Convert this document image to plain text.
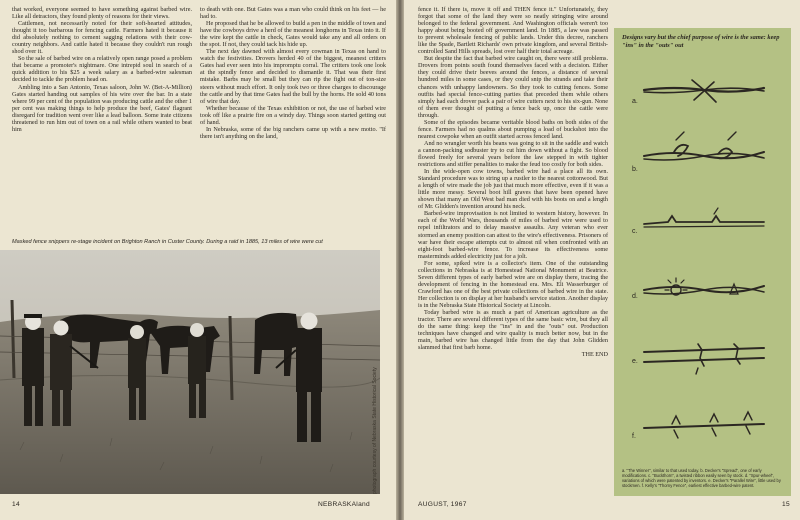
that worked, everyone seemed to have something against barbed wire. Like all detractors, they found plenty of reasons for their views.

Cattlemen, not necessarily noted for their soft-hearted attitudes, thought it too barbarous for fencing cattle. Farmers hated it because it did absolutely nothing to cement sagging relations with their cow-country neighbors. And cattle hated it because they couldn't run rough shod over it.

So the sale of barbed wire on a relatively open range posed a problem that became a promoter's nightmare. One intrepid soul in search of a quick addition to his $25 a week salary as a barbed-wire salesman decided to tackle the problem head on.

Ambling into a San Antonio, Texas saloon, John W. (Bet-A-Million) Gates started handing out samples of his wire over the bar. In a state where 99 per cent of the population was producing cattle and the other 1 per cent was making things to help produce the beef, Gates' flagrant disregard for tradition went over like a lead balloon. Some irate citizens threatened to run him out of town on a rail while others wanted to beat him

to death with one. But Gates was a man who could think on his feet — he had to.

He proposed that he be allowed to build a pen in the middle of town and have the cowboys drive a herd of the meanest longhorns in Texas into it. If the wire kept the cattle in check, Gates would take any and all orders on the spot. If not, they could tack his hide up.

The next day dawned with almost every cowman in Texas on hand to watch the festivities. Drovers herded 40 of the biggest, meanest critters Gates had ever seen into his impromptu corral. The critters took one look at the spindly fence and decided to dismantle it. That was their first mistake. Barbs may be small but they can rip the fight out of ton-size steers without much effort. It only took two or three charges to discourage the cattle and by that time Gates had the bull by the horns. He sold 40 tons of wire that day.

Whether because of the Texas exhibition or not, the use of barbed wire took off like a prairie fire on a windy day. Things soon started getting out of hand.

In Nebraska, some of the big ranchers came up with a new motto. "If there isn't anything on the land,

Masked fence snippers re-stage incident on Brighton Ranch in Custer County. During a raid in 1885, 13 miles of wire were cut
photograph courtesy of Nebraska State Historical Society
14	NEBRASKAland

fence it. If there is, move it off and THEN fence it." Unfortunately, they forgot that some of the land they were so neatly stringing wire around belonged to the federal government. And Washington officials weren't too happy about being booted off government land. In 1885, a law was passed to prevent wholesale fencing of public lands. Under this decree, ranchers like the Spade, Bartlett Richards' own private kingdom, and several British-controlled Sand Hills spreads, lost over half their total acreage.

But despite the fact that barbed wire caught on, there were still problems. Drovers from points south found themselves faced with a decision. Either they could drive their beeves around the fences, a distance of several hundred miles in some cases, or they could snip the strands and take their chances with unhappy landowners. So they took to cutting fences. Some outfits had special fence-cutting parties that preceded them while others simply had each drover pack a pair of wire cutters next to his six-gun. None of them ever thought of putting a fence back up, once the cattle were through.

Some of the episodes became veritable blood baths on both sides of the fence. Farmers had no qualms about pumping a load of buckshot into the nearest cowpoke when an outfit started across fenced land.

And no wrangler worth his beans was going to sit in the saddle and watch a cannon-packing sodbuster try to cut him down without a fight. So blood flowed freely for several years before the law stepped in with tighter restrictions and stiffer penalities to make the feud too costly for both sides.

In the wide-open cow towns, barbed wire had a place all its own. Standard procedure was to string up a rustler to the nearest cottonwood. But a length of wire made the job just that much more effective, even if it was a little more messy. Several boot hill graves that have been opened have shown that many an Old West bad man died with his boots on and a length of Mr. Glidden's invention around his neck.

Barbed-wire improvisation is not limited to western history, however. In each of the World Wars, thousands of miles of barbed wire were used to repel infiltrators and to delay massive assaults. Any veteran who ever stormed an enemy position can attest to the wire's effectiveness. Prisoners of war have their escape attempts cut to almost nil when confronted with an eight-foot barbed-wire fence. To increase its effectiveness some masterminds added electricity just for a jolt.

For some, spiked wire is a collector's item. One of the outstanding collections in Nebraska is at Homestead National Monument at Beatrice. Seven different types of early barbed wire are on display there, tracing the development of fencing in the homestead era. Mrs. Eli Wasserburger of Crawford has one of the best private collections of barbed wire in the state. Her collection is on display at her husband's service station. Another display is in the Nebraska State Historical Society at Lincoln.

Today barbed wire is as much a part of American agriculture as the tractor. There are several different types of the same basic wire, but they all do the same thing: keep the "ins" in and the "outs" out. Production techniques have changed and wire quality is much better now, but in the main, barbed wire has changed little from the day that John Glidden slammed that first barb home.

THE END

AUGUST, 1967	15
Designs vary but the chief purpose of wire is the same: keep "ins" in the "outs" out
a.
b.
c.
d.
e.
f.
a. "The Winner", similar to that used today. b. Decker's "Spread", one of early modifications. c. "Buckthorn", a twisted ribbon easily seen by stock. d. "Spur-wheel", variations of which were patented by inventors. e. Decker's "Parallel Wire", little used by stockmen. f. Kelly's "Thorny Fence", earliest effective barbed-wire patent.
